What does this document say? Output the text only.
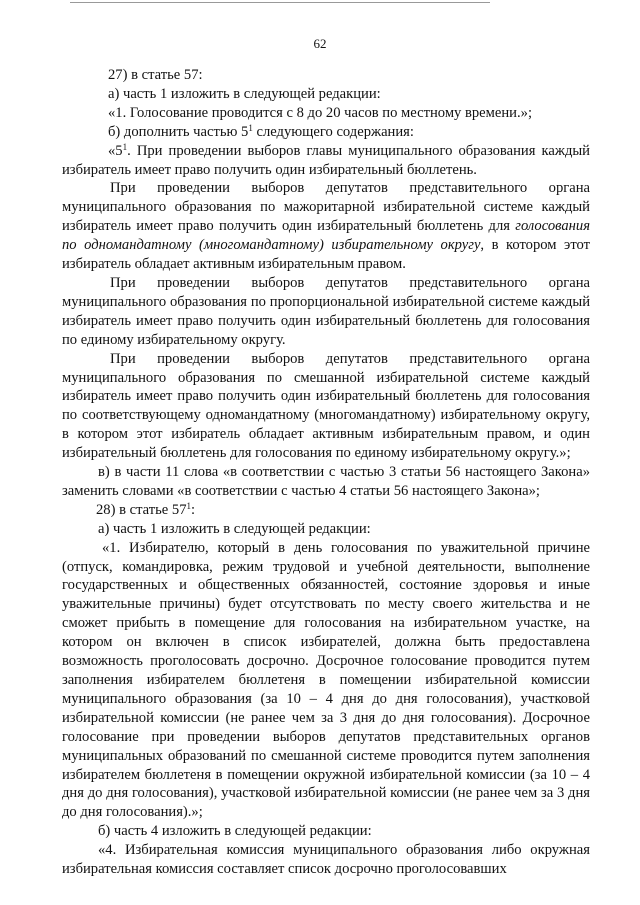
62

27) в статье 57:

а) часть 1 изложить в следующей редакции:

«1. Голосование проводится с 8 до 20 часов по местному времени.»;

б) дополнить частью $5^1$ следующего содержания:

«$5^1$. При проведении выборов главы муниципального образования каждый избиратель имеет право получить один избирательный бюллетень.

При проведении выборов депутатов представительного органа муниципального образования по мажоритарной избирательной системе каждый избиратель имеет право получить один избирательный бюллетень для голосования по одномандатному (многомандатному) избирательному округу, в котором этот избиратель обладает активным избирательным правом.

При проведении выборов депутатов представительного органа муниципального образования по пропорциональной избирательной системе каждый избиратель имеет право получить один избирательный бюллетень для голосования по единому избирательному округу.

При проведении выборов депутатов представительного органа муниципального образования по смешанной избирательной системе каждый избиратель имеет право получить один избирательный бюллетень для голосования по соответствующему одномандатному (многомандатному) избирательному округу, в котором этот избиратель обладает активным избирательным правом, и один избирательный бюллетень для голосования по единому избирательному округу.»;

в) в части 11 слова «в соответствии с частью 3 статьи 56 настоящего Закона» заменить словами «в соответствии с частью 4 статьи 56 настоящего Закона»;

28) в статье $57^1$:

а) часть 1 изложить в следующей редакции:

«1. Избирателю, который в день голосования по уважительной причине (отпуск, командировка, режим трудовой и учебной деятельности, выполнение государственных и общественных обязанностей, состояние здоровья и иные уважительные причины) будет отсутствовать по месту своего жительства и не сможет прибыть в помещение для голосования на избирательном участке, на котором он включен в список избирателей, должна быть предоставлена возможность проголосовать досрочно. Досрочное голосование проводится путем заполнения избирателем бюллетеня в помещении избирательной комиссии муниципального образования (за 10 – 4 дня до дня голосования), участковой избирательной комиссии (не ранее чем за 3 дня до дня голосования). Досрочное голосование при проведении выборов депутатов представительных органов муниципальных образований по смешанной системе проводится путем заполнения избирателем бюллетеня в помещении окружной избирательной комиссии (за 10 – 4 дня до дня голосования), участковой избирательной комиссии (не ранее чем за 3 дня до дня голосования).»;

б) часть 4 изложить в следующей редакции:

«4. Избирательная комиссия муниципального образования либо окружная избирательная комиссия составляет список досрочно проголосовавших
